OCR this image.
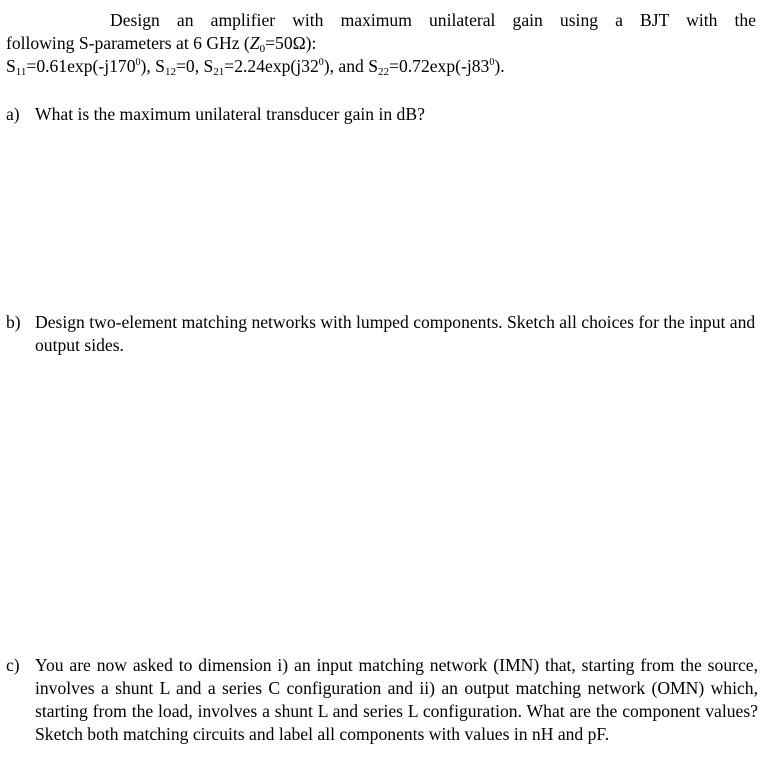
Design an amplifier with maximum unilateral gain using a BJT with the
following S-parameters at 6 GHz $(Z_0=50\Omega)$:
$S_{11}=0.61\exp(-j170^0)$, $S_{12}=0$, $S_{21}=2.24\exp(j32^0)$, and $S_{22}=0.72\exp(-j83^0)$.
a) What is the maximum unilateral transducer gain in dB?
b) Design two-element matching networks with lumped components. Sketch all choices for the input and output sides.
c) You are now asked to dimension i) an input matching network (IMN) that, starting from the source, involves a shunt L and a series C configuration and ii) an output matching network (OMN) which, starting from the load, involves a shunt L and series L configuration. What are the component values? Sketch both matching circuits and label all components with values in nH and pF.
